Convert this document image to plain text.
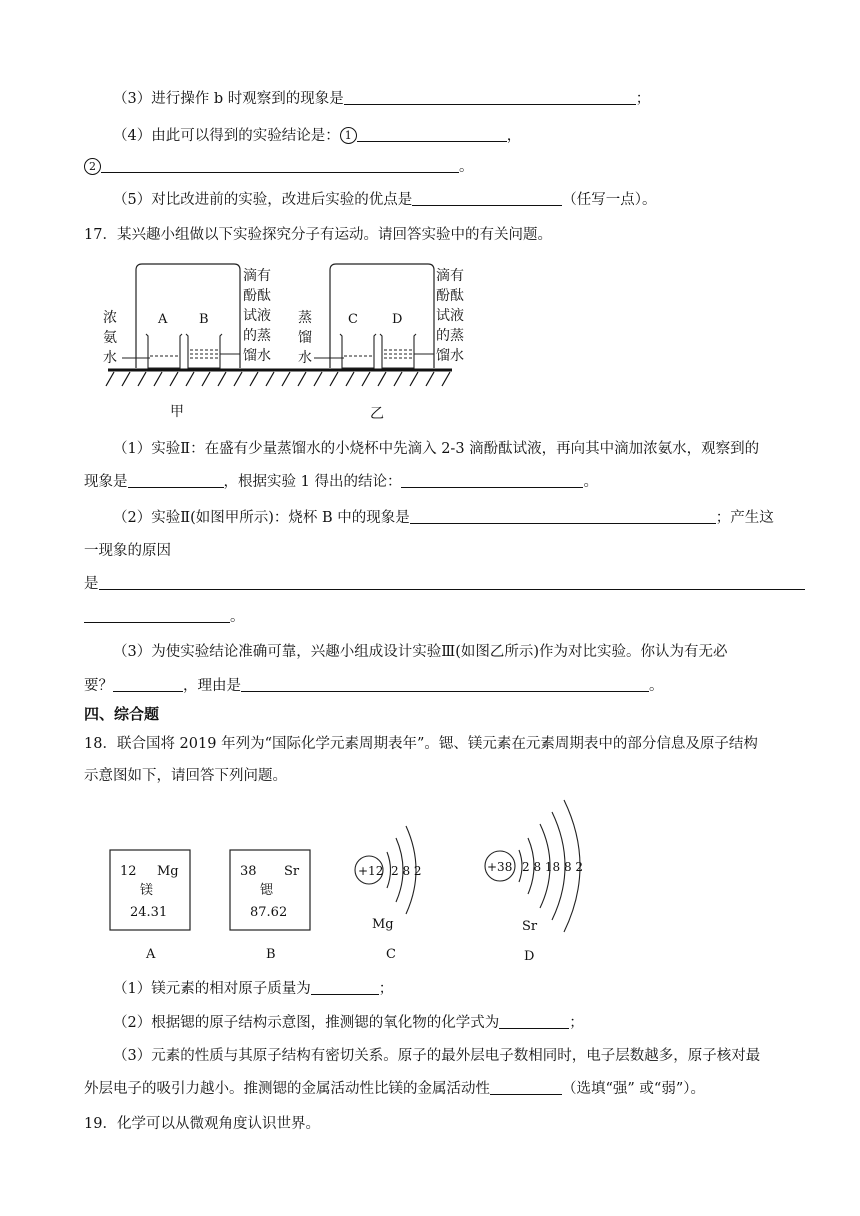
（3）进行操作 b 时观察到的现象是	；
（4）由此可以得到的实验结论是： 1	，
2	。
（5）对比改进前的实验，改进后实验的优点是	（任写一点）。
17．某兴趣小组做以下实验探究分子有运动。请回答实验中的有关问题。
浓
氨
水
滴有
酚酞
试液
的蒸
馏水
蒸
馏
水
滴有
酚酞
试液
的蒸
馏水
A B	C	D
甲	乙
（1）实验Ⅱ：在盛有少量蒸馏水的小烧杯中先滴入 2-3 滴酚酞试液，再向其中滴加浓氨水，观察到的
现象是	，根据实验 1 得出的结论：	。
（2）实验Ⅱ(如图甲所示)：烧杯 B 中的现象是	；产生这
一现象的原因
是
。
（3）为使实验结论准确可靠，兴趣小组成设计实验Ⅲ(如图乙所示)作为对比实验。你认为有无必
要？	，理由是	。
四、综合题
18．联合国将 2019 年列为“国际化学元素周期表年”。锶、镁元素在元素周期表中的部分信息及原子结构
示意图如下，请回答下列问题。
12 Mg
镁
24.31
A
38 Sr
锶
87.62
B
+12 2 8 2
Mg
C
+38 2 8 18 8 2
Sr
D
（1）镁元素的相对原子质量为	；
（2）根据锶的原子结构示意图，推测锶的氧化物的化学式为	；
（3）元素的性质与其原子结构有密切关系。原子的最外层电子数相同时，电子层数越多，原子核对最
外层电子的吸引力越小。推测锶的金属活动性比镁的金属活动性	（选填“强” 或“弱”）。
19．化学可以从微观角度认识世界。
